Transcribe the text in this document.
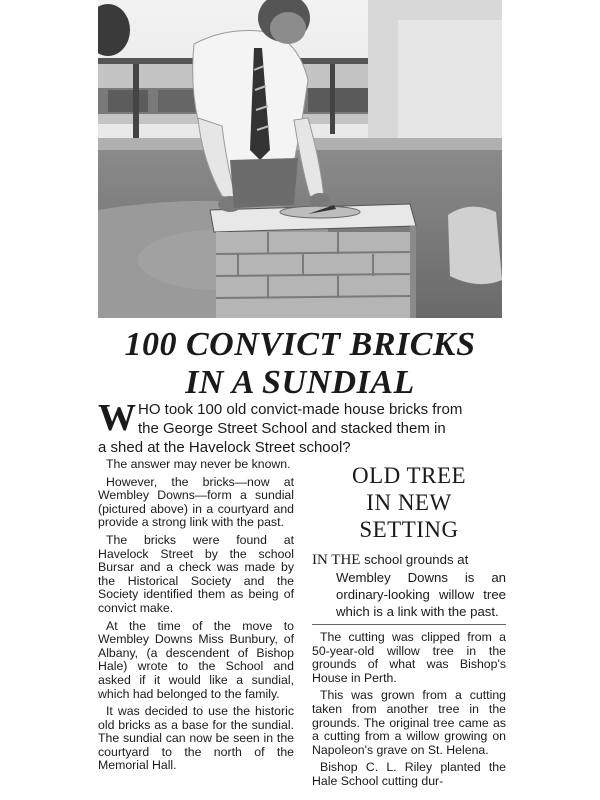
100 CONVICT BRICKS
IN A SUNDIAL
W HO took 100 old convict-made house bricks from
the George Street School and stacked them in
a shed at the Havelock Street school?

The answer may never be known.

However, the bricks—now at Wembley Downs—form a sundial (pictured above) in a courtyard and provide a strong link with the past.

The bricks were found at Havelock Street by the school Bursar and a check was made by the Historical Society and the Society identified them as being of convict make.

At the time of the move to Wembley Downs Miss Bunbury, of Albany, (a descendent of Bishop Hale) wrote to the School and asked if it would like a sundial, which had belonged to the family.

It was decided to use the historic old bricks as a base for the sundial. The sundial can now be seen in the courtyard to the north of the Memorial Hall.

OLD TREE
IN NEW
SETTING

IN THE school grounds at
Wembley Downs is an ordinary-looking willow tree which is a link with the past.

The cutting was clipped from a 50-year-old willow tree in the grounds of what was Bishop's House in Perth.

This was grown from a cutting taken from another tree in the grounds. The original tree came as a cutting from a willow growing on Napoleon's grave on St. Helena.

Bishop C. L. Riley planted the Hale School cutting dur-
